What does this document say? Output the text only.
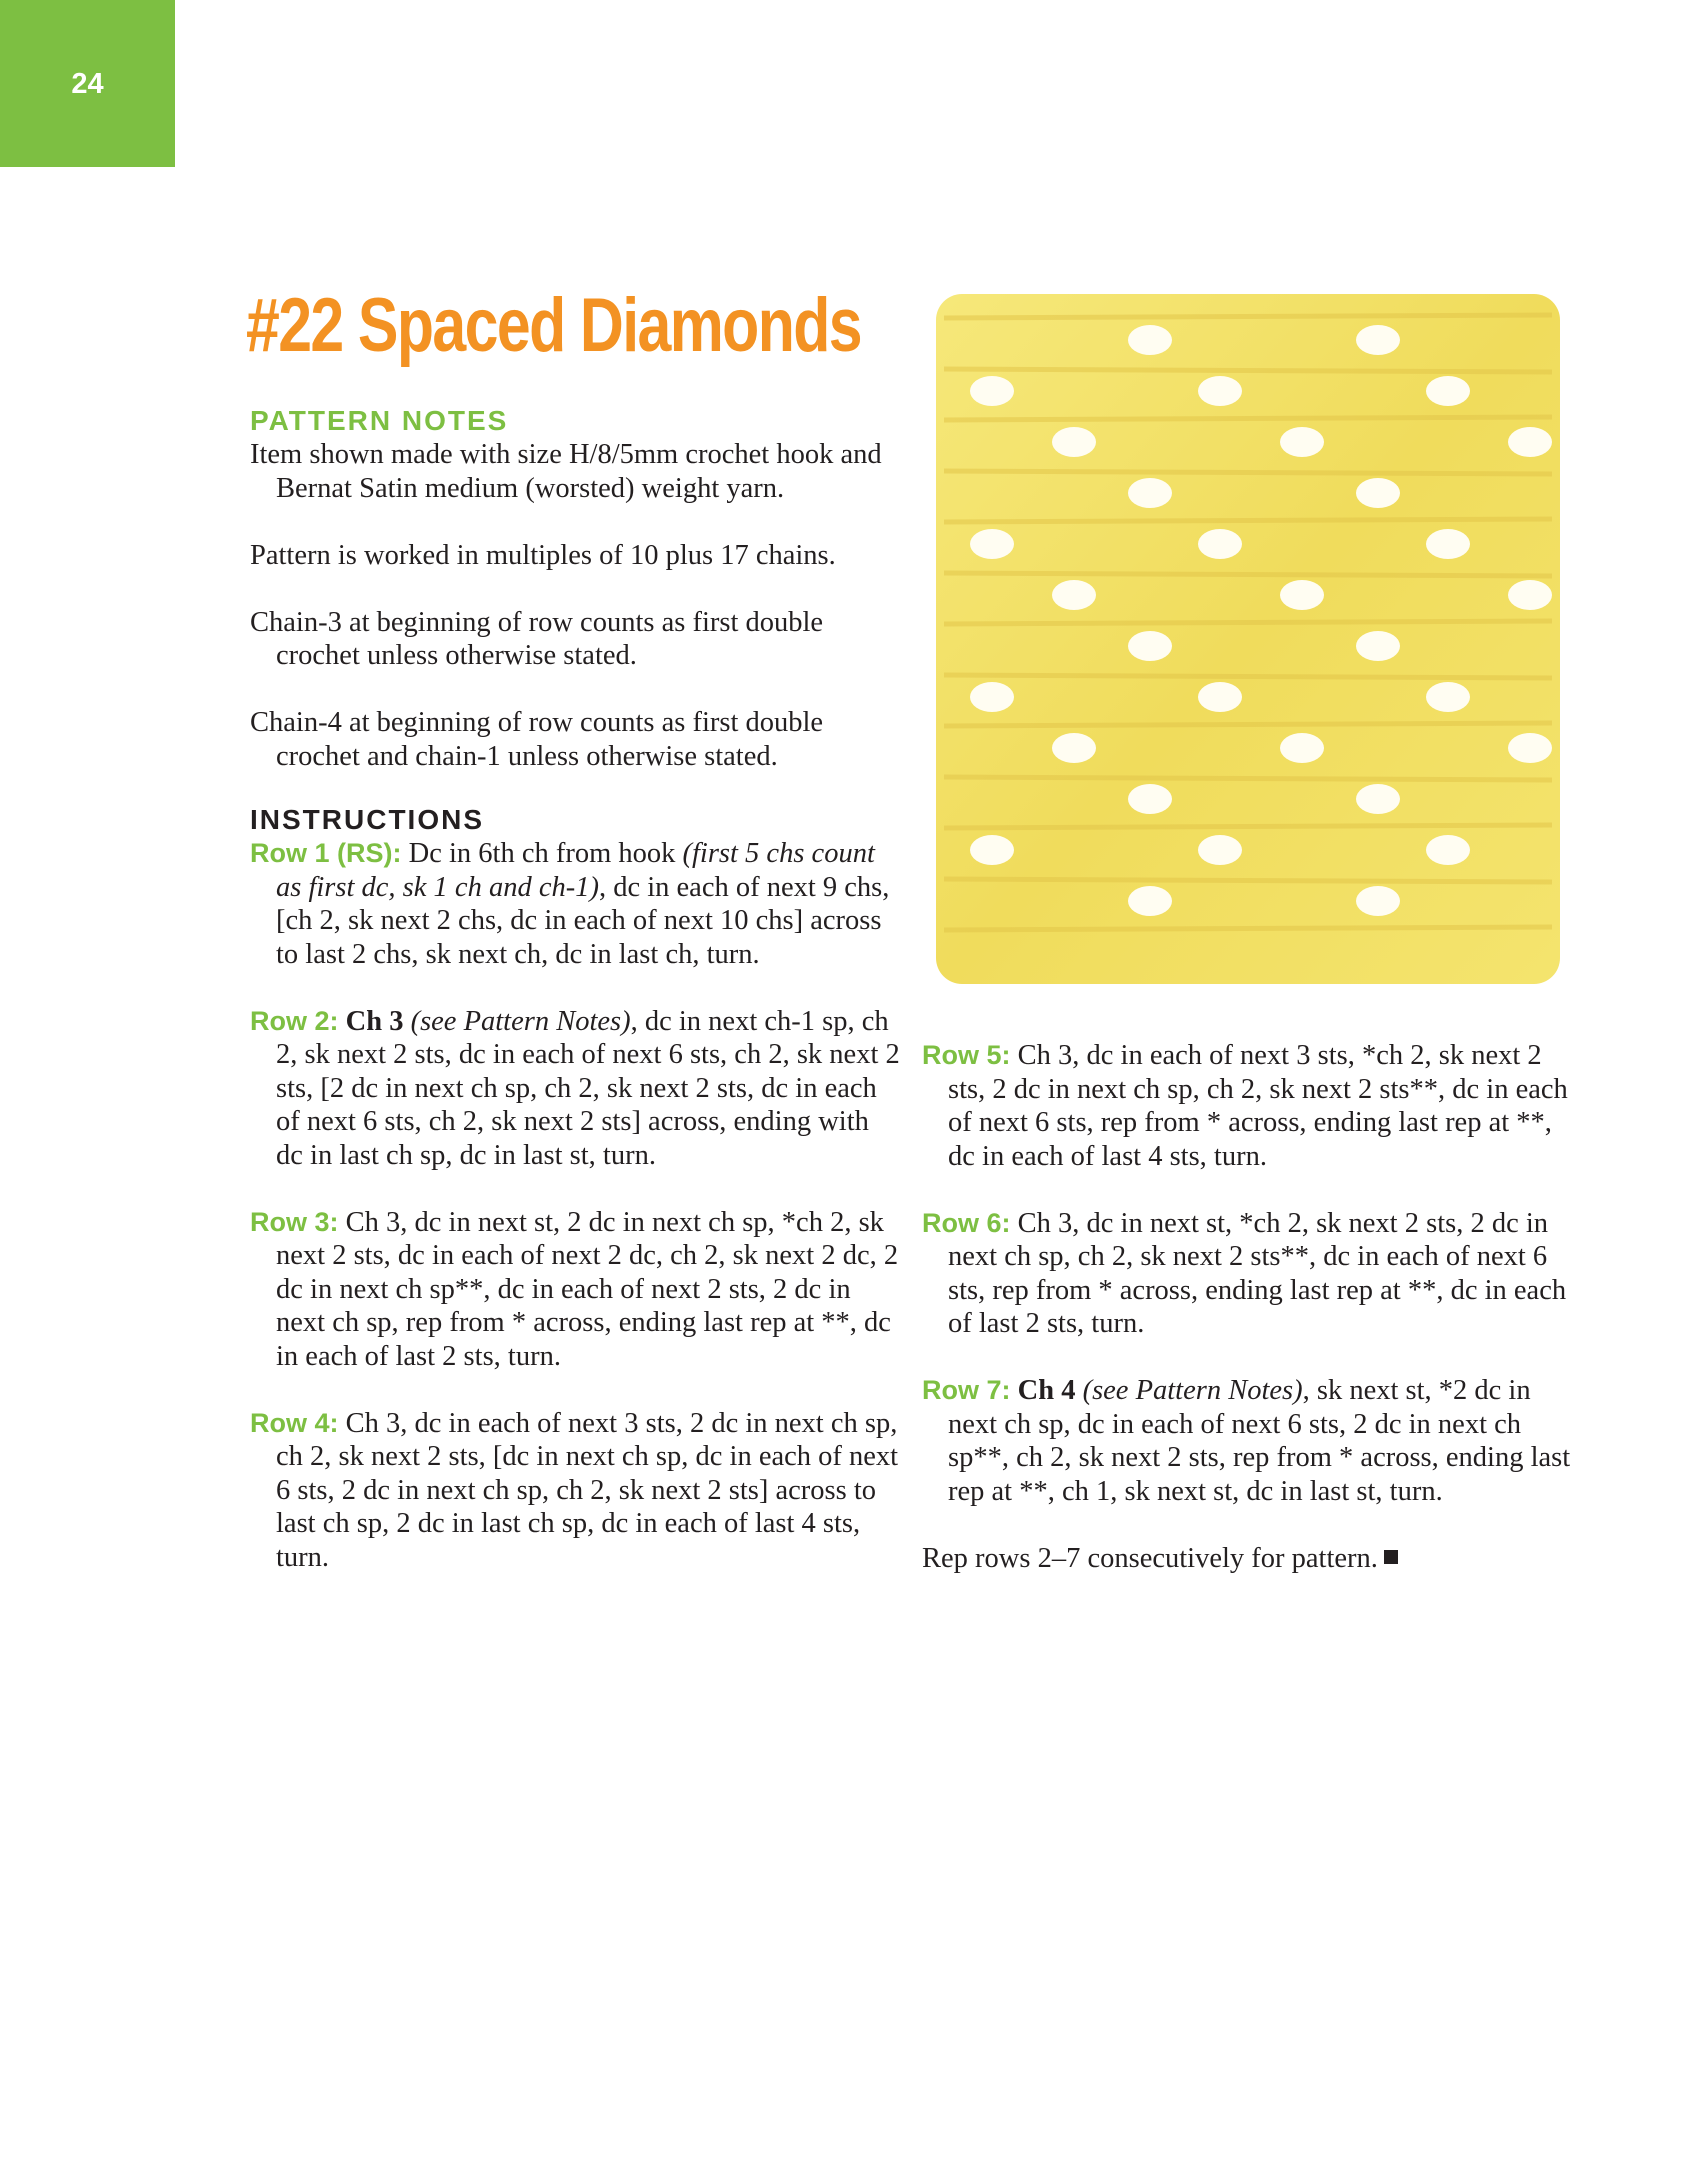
24
#22 Spaced Diamonds
PATTERN NOTES

Item shown made with size H/8/5mm crochet hook and Bernat Satin medium (worsted) weight yarn.

Pattern is worked in multiples of 10 plus 17 chains.

Chain-3 at beginning of row counts as first double crochet unless otherwise stated.

Chain-4 at beginning of row counts as first double crochet and chain-1 unless otherwise stated.

INSTRUCTIONS

Row 1 (RS): Dc in 6th ch from hook (first 5 chs count as first dc, sk 1 ch and ch-1), dc in each of next 9 chs, [ch 2, sk next 2 chs, dc in each of next 10 chs] across to last 2 chs, sk next ch, dc in last ch, turn.

Row 2: Ch 3 (see Pattern Notes), dc in next ch-1 sp, ch 2, sk next 2 sts, dc in each of next 6 sts, ch 2, sk next 2 sts, [2 dc in next ch sp, ch 2, sk next 2 sts, dc in each of next 6 sts, ch 2, sk next 2 sts] across, ending with dc in last ch sp, dc in last st, turn.

Row 3: Ch 3, dc in next st, 2 dc in next ch sp, *ch 2, sk next 2 sts, dc in each of next 2 dc, ch 2, sk next 2 dc, 2 dc in next ch sp**, dc in each of next 2 sts, 2 dc in next ch sp, rep from * across, ending last rep at **, dc in each of last 2 sts, turn.

Row 4: Ch 3, dc in each of next 3 sts, 2 dc in next ch sp, ch 2, sk next 2 sts, [dc in next ch sp, dc in each of next 6 sts, 2 dc in next ch sp, ch 2, sk next 2 sts] across to last ch sp, 2 dc in last ch sp, dc in each of last 4 sts, turn.

Row 5: Ch 3, dc in each of next 3 sts, *ch 2, sk next 2 sts, 2 dc in next ch sp, ch 2, sk next 2 sts**, dc in each of next 6 sts, rep from * across, ending last rep at **, dc in each of last 4 sts, turn.

Row 6: Ch 3, dc in next st, *ch 2, sk next 2 sts, 2 dc in next ch sp, ch 2, sk next 2 sts**, dc in each of next 6 sts, rep from * across, ending last rep at **, dc in each of last 2 sts, turn.

Row 7: Ch 4 (see Pattern Notes), sk next st, *2 dc in next ch sp, dc in each of next 6 sts, 2 dc in next ch sp**, ch 2, sk next 2 sts, rep from * across, ending last rep at **, ch 1, sk next st, dc in last st, turn.

Rep rows 2–7 consecutively for pattern.
